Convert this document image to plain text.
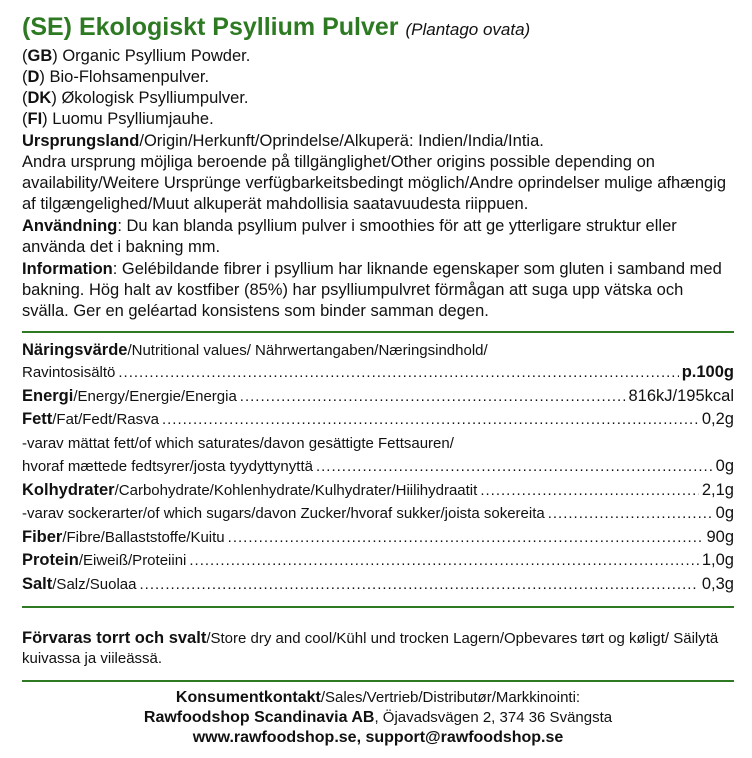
(SE) Ekologiskt Psyllium Pulver (Plantago ovata)

(GB) Organic Psyllium Powder.

(D) Bio-Flohsamenpulver.

(DK) Økologisk Psylliumpulver.

(FI) Luomu Psylliumjauhe.

Ursprungsland/Origin/Herkunft/Oprindelse/Alkuperä: Indien/India/Intia.
Andra ursprung möjliga beroende på tillgänglighet/Other origins possible depending on availability/Weitere Ursprünge verfügbarkeitsbedingt möglich/Andre oprindelser mulige afhængig af tilgængelighed/Muut alkuperät mahdollisia saatavuudesta riippuen.

Användning: Du kan blanda psyllium pulver i smoothies för att ge ytterligare struktur eller använda det i bakning mm.

Information: Gelébildande fibrer i psyllium har liknande egenskaper som gluten i samband med bakning. Hög halt av kostfiber (85%) har psylliumpulvret förmågan att suga upp vätska och svälla. Ger en geléartad konsistens som binder samman degen.

Näringsvärde/Nutritional values/ Nährwertangaben/Næringsindhold/
Ravintosisältö .....	p.100g
Energi/Energy/Energie/Energia .....	816kJ/195kcal
Fett/Fat/Fedt/Rasva .....	0,2g
-varav mättat fett/of which saturates/davon gesättigte Fettsauren/
hvoraf mættede fedtsyrer/josta tyydyttynyttä .....	0g
Kolhydrater/Carbohydrate/Kohlenhydrate/Kulhydrater/Hiilihydraatit .....	2,1g
-varav sockerarter/of which sugars/davon Zucker/hvoraf sukker/joista sokereita .....	0g
Fiber/Fibre/Ballaststoffe/Kuitu .....	90g
Protein/Eiweiß/Proteiini .....	1,0g
Salt/Salz/Suolaa .....	0,3g
Förvaras torrt och svalt/Store dry and cool/Kühl und trocken Lagern/Opbevares tørt og køligt/ Säilytä kuivassa ja viileässä.
Konsumentkontakt/Sales/Vertrieb/Distributør/Markkinointi:
Rawfoodshop Scandinavia AB, Öjavadsvägen 2, 374 36 Svängsta
www.rawfoodshop.se, support@rawfoodshop.se
